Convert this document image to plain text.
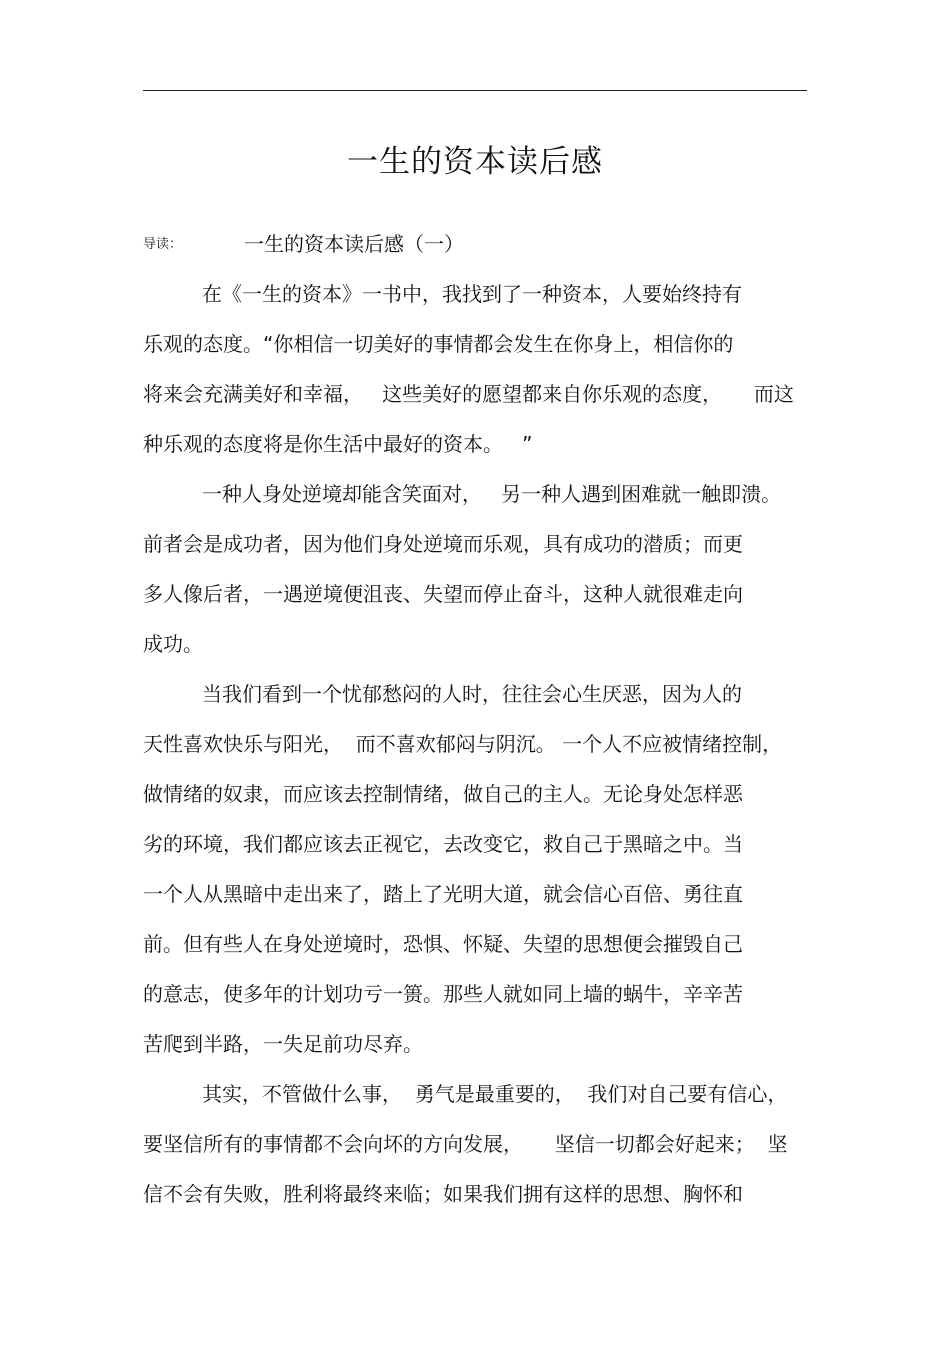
一生的资本读后感
导读：	一生的资本读后感（一）
在《一生的资本》一书中，我找到了一种资本，人要始终持有
乐观的态度。“你相信一切美好的事情都会发生在你身上，相信你的
将来会充满美好和幸福，   这些美好的愿望都来自你乐观的态度，     而这
种乐观的态度将是你生活中最好的资本。   ”
一种人身处逆境却能含笑面对，   另一种人遇到困难就一触即溃。
前者会是成功者，因为他们身处逆境而乐观，具有成功的潜质；而更
多人像后者，一遇逆境便沮丧、失望而停止奋斗，这种人就很难走向
成功。
当我们看到一个忧郁愁闷的人时，往往会心生厌恶，因为人的
天性喜欢快乐与阳光，  而不喜欢郁闷与阴沉。 一个人不应被情绪控制，
做情绪的奴隶，而应该去控制情绪，做自己的主人。无论身处怎样恶
劣的环境，我们都应该去正视它，去改变它，救自己于黑暗之中。当
一个人从黑暗中走出来了，踏上了光明大道，就会信心百倍、勇往直
前。但有些人在身处逆境时，恐惧、怀疑、失望的思想便会摧毁自己
的意志，使多年的计划功亏一篑。那些人就如同上墙的蜗牛，辛辛苦
苦爬到半路，一失足前功尽弃。
其实，不管做什么事，  勇气是最重要的，  我们对自己要有信心，
要坚信所有的事情都不会向坏的方向发展，     坚信一切都会好起来；  坚
信不会有失败，胜利将最终来临；如果我们拥有这样的思想、胸怀和
